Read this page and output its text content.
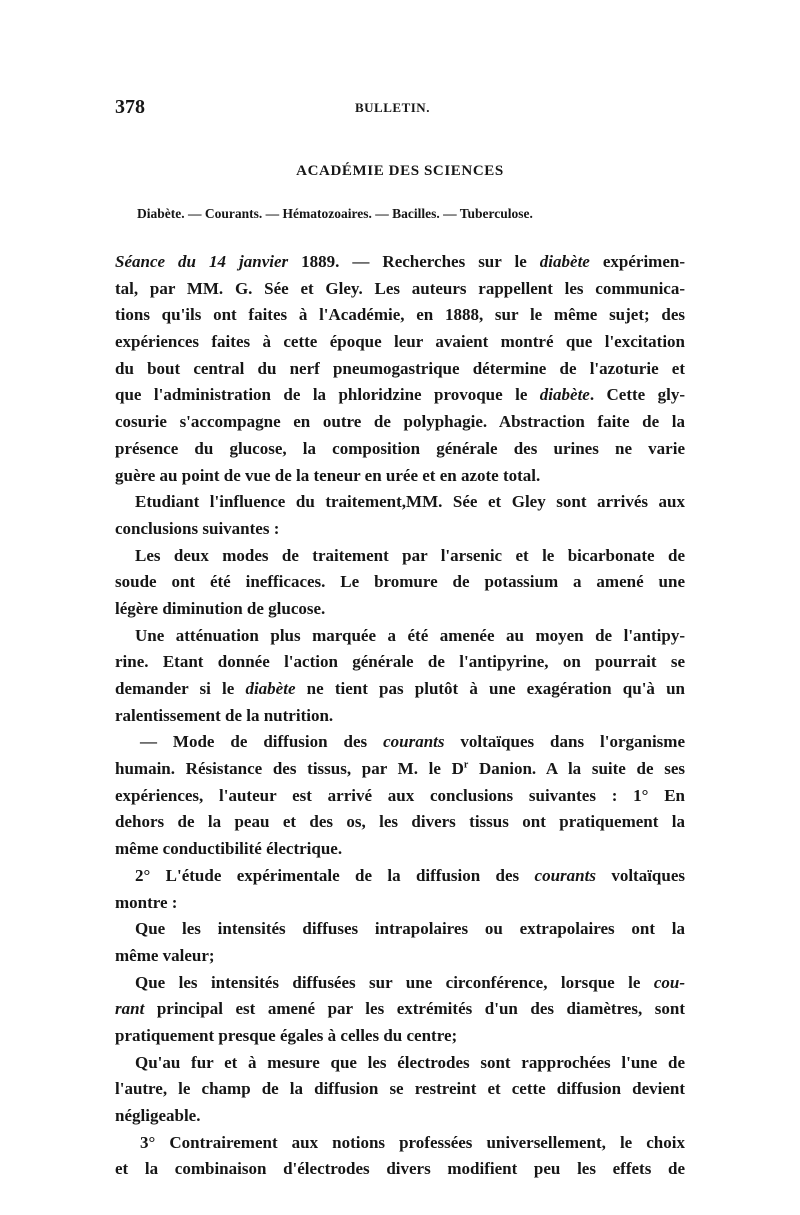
378	BULLETIN.
ACADÉMIE DES SCIENCES
Diabète. — Courants. — Hématozoaires. — Bacilles. — Tuberculose.
Séance du 14 janvier 1889. — Recherches sur le diabète expérimen-
tal, par MM. G. Sée et Gley. Les auteurs rappellent les communica-
tions qu'ils ont faites à l'Académie, en 1888, sur le même sujet; des
expériences faites à cette époque leur avaient montré que l'excitation
du bout central du nerf pneumogastrique détermine de l'azoturie et
que l'administration de la phloridzine provoque le diabète. Cette gly-
cosurie s'accompagne en outre de polyphagie. Abstraction faite de la
présence du glucose, la composition générale des urines ne varie
guère au point de vue de la teneur en urée et en azote total.
Etudiant l'influence du traitement,MM. Sée et Gley sont arrivés aux
conclusions suivantes :
Les deux modes de traitement par l'arsenic et le bicarbonate de
soude ont été inefficaces. Le bromure de potassium a amené une
légère diminution de glucose.
Une atténuation plus marquée a été amenée au moyen de l'antipy-
rine. Etant donnée l'action générale de l'antipyrine, on pourrait se
demander si le diabète ne tient pas plutôt à une exagération qu'à un
ralentissement de la nutrition.
— Mode de diffusion des courants voltaïques dans l'organisme
humain. Résistance des tissus, par M. le $D^r$ Danion. A la suite de ses
expériences, l'auteur est arrivé aux conclusions suivantes : 1° En
dehors de la peau et des os, les divers tissus ont pratiquement la
même conductibilité électrique.
2° L'étude expérimentale de la diffusion des courants voltaïques
montre :
Que les intensités diffuses intrapolaires ou extrapolaires ont la
même valeur;
Que les intensités diffusées sur une circonférence, lorsque le cou-
rant principal est amené par les extrémités d'un des diamètres, sont
pratiquement presque égales à celles du centre;
Qu'au fur et à mesure que les électrodes sont rapprochées l'une de
l'autre, le champ de la diffusion se restreint et cette diffusion devient
négligeable.
3° Contrairement aux notions professées universellement, le choix
et la combinaison d'électrodes divers modifient peu les effets de
